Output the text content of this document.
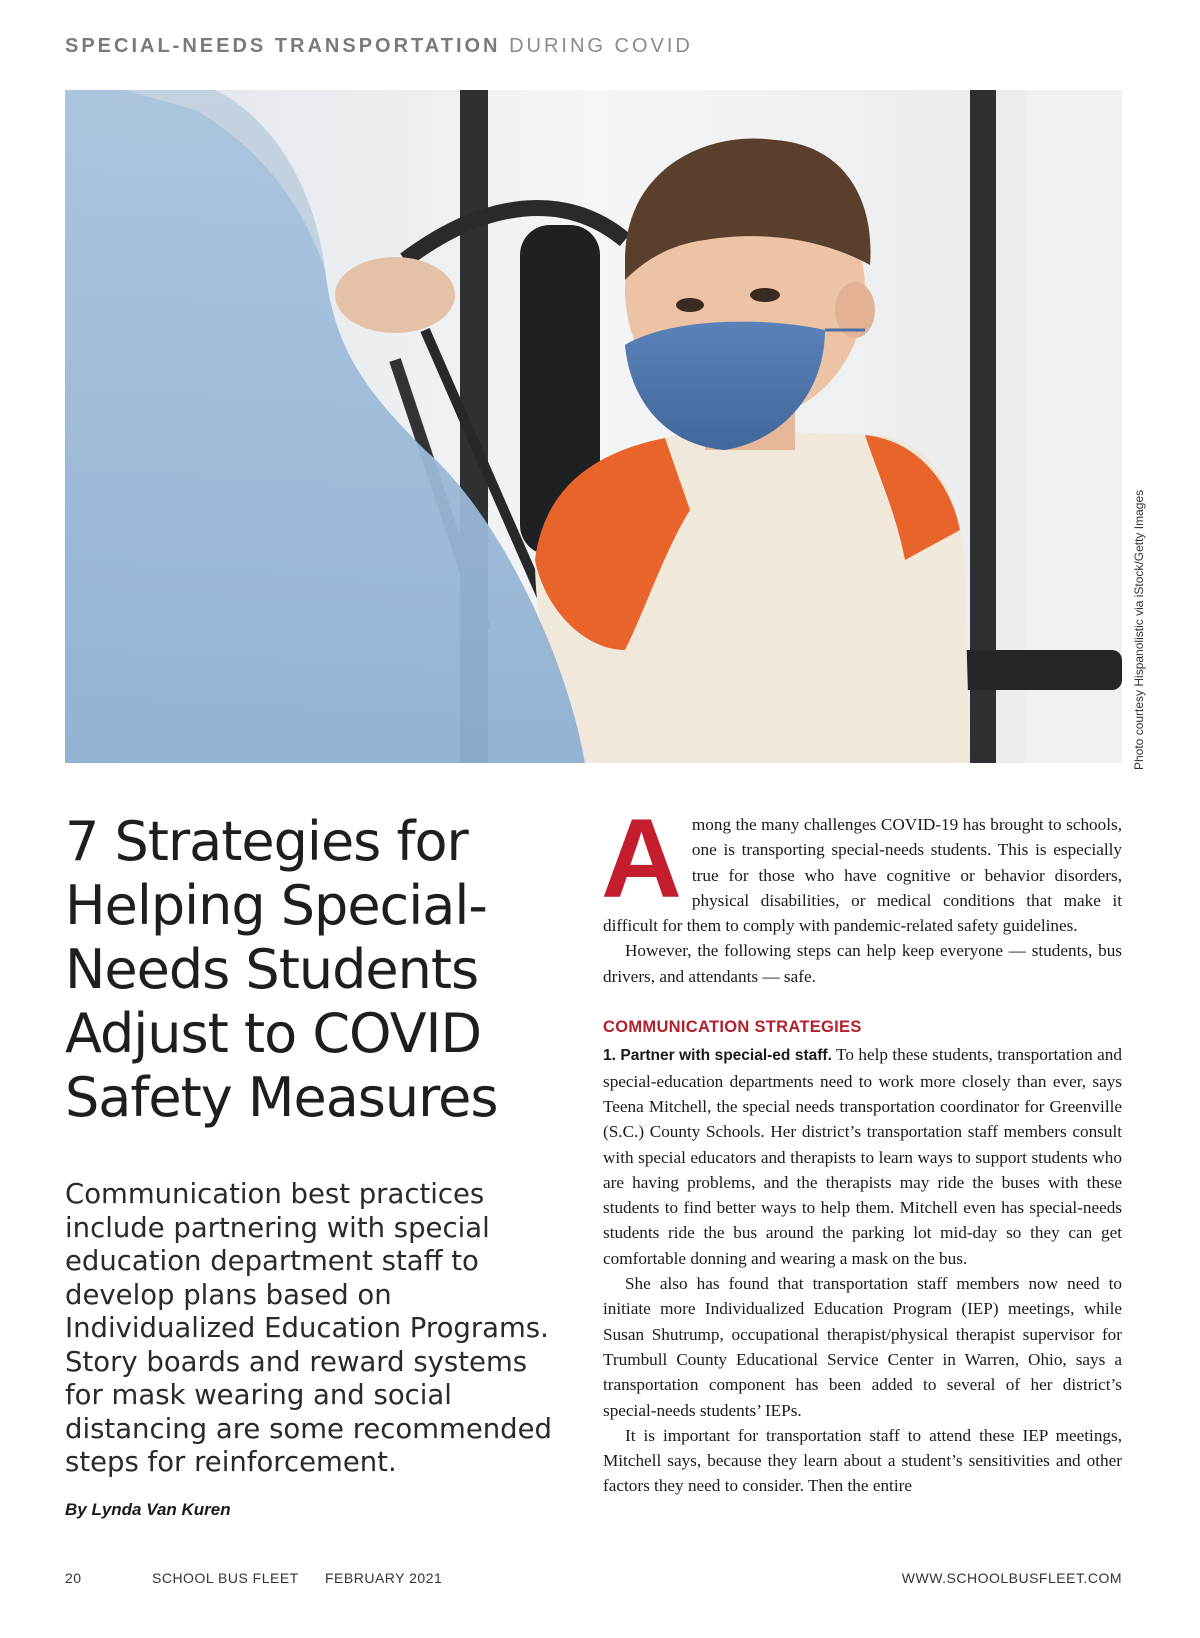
SPECIAL-NEEDS TRANSPORTATION DURING COVID
Photo courtesy Hispanolistic via iStock/Getty Images
7 Strategies for Helping Special-Needs Students Adjust to COVID Safety Measures

Communication best practices include partnering with special education department staff to develop plans based on Individualized Education Programs. Story boards and reward systems for mask wearing and social distancing are some recommended steps for reinforcement.

By Lynda Van Kuren

Among the many challenges COVID-19 has brought to schools, one is transporting special-needs students. This is especially true for those who have cognitive or behavior disorders, physical disabilities, or medical conditions that make it difficult for them to comply with pandemic-related safety guidelines.

However, the following steps can help keep everyone — students, bus drivers, and attendants — safe.

COMMUNICATION STRATEGIES

1. Partner with special-ed staff. To help these students, transportation and special-education departments need to work more closely than ever, says Teena Mitchell, the special needs transportation coordinator for Greenville (S.C.) County Schools. Her district’s transportation staff members consult with special educators and therapists to learn ways to support students who are having problems, and the therapists may ride the buses with these students to find better ways to help them. Mitchell even has special-needs students ride the bus around the parking lot mid-day so they can get comfortable donning and wearing a mask on the bus.

She also has found that transportation staff members now need to initiate more Individualized Education Program (IEP) meetings, while Susan Shutrump, occupational therapist/physical therapist supervisor for Trumbull County Educational Service Center in Warren, Ohio, says a transportation component has been added to several of her district’s special-needs students’ IEPs.

It is important for transportation staff to attend these IEP meetings, Mitchell says, because they learn about a student’s sensitivities and other factors they need to consider. Then the entire

20	SCHOOL BUS FLEET FEBRUARY 2021	WWW.SCHOOLBUSFLEET.COM
